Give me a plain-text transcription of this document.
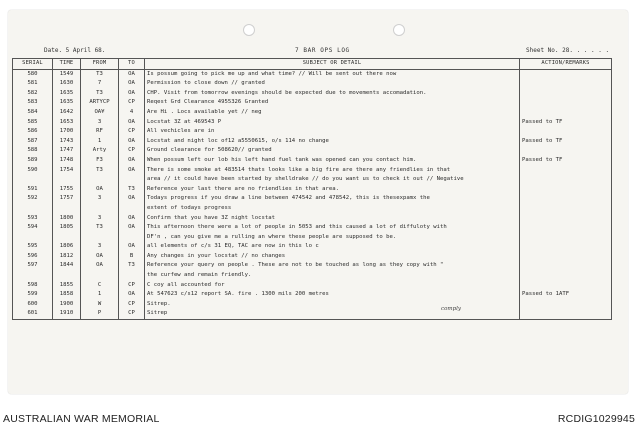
Date. 5 April 68.	7 BAR OPS LOG	Sheet No. 28. . . . . .
comply
SERIAL	TIME	FROM	TO	SUBJECT OR DETAIL	ACTION/REMARKS
580	1549	T3	OA	Is possum going to pick me up and what time? // Will be sent out there now	
581	1630	7	OA	Permission to close down // granted	
582	1635	T3	OA	CHP. Visit from tomorrow evenings should be expected due to movements accomadation.	
583	1635	ARTYCP	CP	Reqest Grd Clearance 4955326 Granted	
584	1642	OA¥	4	Are Hi . Locs available yet // neg	
585	1653	3	OA	Locstat 3Z at 469543 P	Passed to TF
586	1700	RF	CP	All vechicles are in	
587	1743	1	OA	Locstat and night loc of12 a5550615, o/s 114 no change	Passed to TF
588	1747	Arty	CP	Ground clearance for 508620// granted	
589	1748	F3	OA	When possum left our lob his left hand fuel tank was opened can you contact him.	Passed to TF
590	1754	T3	OA	There is some smoke at 483514 thats looks like a big fire are there any friendlies in that	
				area // it could have been started by shelldrake // do you want us to check it out // Negative	
591	1755	OA	T3	Reference your last there are no friendlies in that area.	
592	1757	3	OA	Todays progress if you draw a line between 474542 and 478542, this is thesexpamx the	
				extent of todays progress	
593	1800	3	OA	Confirm that you have 3Z night locstat	
594	1805	T3	OA	This afternoon there were a lot of people in 5053 and this caused a lot of diffuloty with	
				DF'n , can you give me a rulling an where these people are supposed to be.	
595	1806	3	OA	all elements of c/s 31 EQ, TAC are now in this lo c	
596	1812	OA	B	Any changes in your locstat // no changes	
597	1844	OA	T3	Reference your query on people . These are not to be touched as long as they copy with "	
				the curfew and remain friendly.	
598	1855	C	CP	C coy all accounted for	
599	1858	1	OA	At 547623 c/s12 report SA. fire . 1300 mils 200 metres	Passed to 1ATF
600	1900	W	CP	Sitrep.	
601	1910	P	CP	Sitrep	
AUSTRALIAN WAR MEMORIAL	RCDIG1029945
